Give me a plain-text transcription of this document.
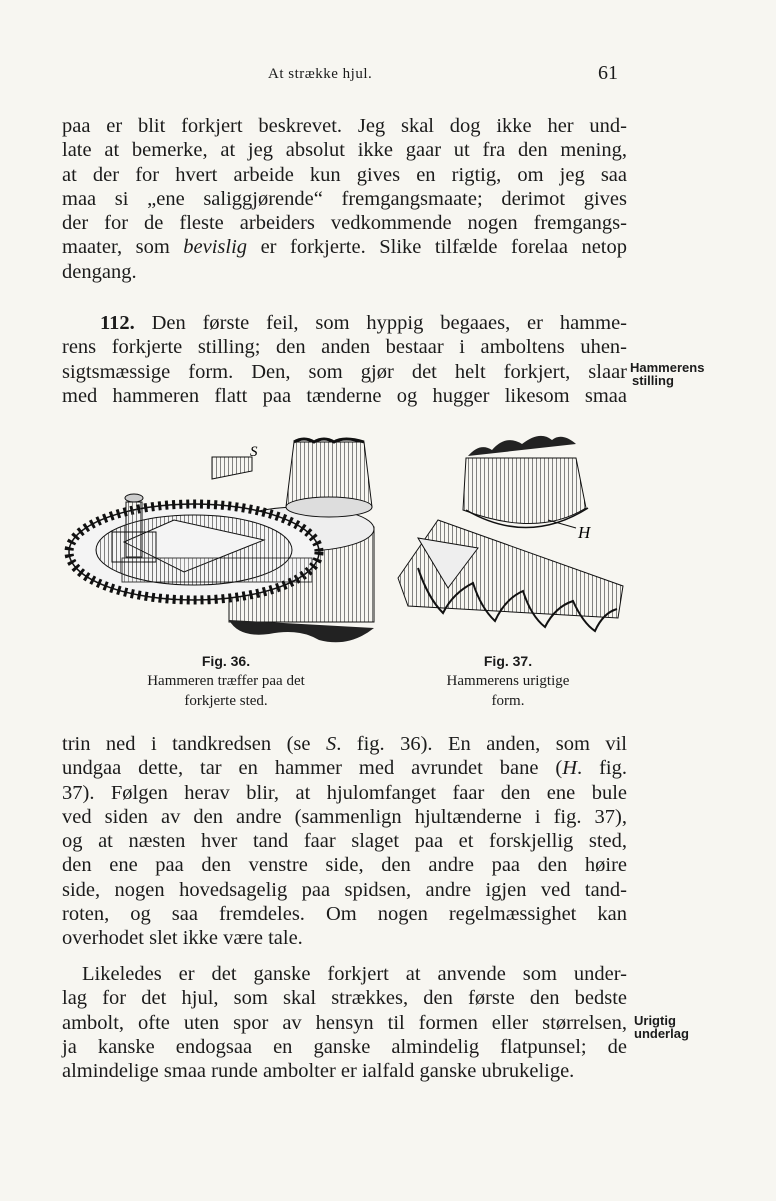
At strække hjul.	61
paa er blit forkjert beskrevet. Jeg skal dog ikke her und-
late at bemerke, at jeg absolut ikke gaar ut fra den mening,
at der for hvert arbeide kun gives en rigtig, om jeg saa
maa si „ene saliggjørende“ fremgangsmaate; derimot gives
der for de fleste arbeiders vedkommende nogen fremgangs-
maater, som bevislig er forkjerte. Slike tilfælde forelaa netop
dengang.
112. Den første feil, som hyppig begaaes, er hamme-
rens forkjerte stilling; den anden bestaar i amboltens uhen-
sigtsmæssige form. Den, som gjør det helt forkjert, slaar
med hammeren flatt paa tænderne og hugger likesom smaa
Hammerens
stilling
S
Fig. 36.
Hammeren træffer paa det
forkjerte sted.
H
Fig. 37.
Hammerens urigtige
form.
trin ned i tandkredsen (se S. fig. 36). En anden, som vil
undgaa dette, tar en hammer med avrundet bane (H. fig.
37). Følgen herav blir, at hjulomfanget faar den ene bule
ved siden av den andre (sammenlign hjultænderne i fig. 37),
og at næsten hver tand faar slaget paa et forskjellig sted,
den ene paa den venstre side, den andre paa den høire
side, nogen hovedsagelig paa spidsen, andre igjen ved tand-
roten, og saa fremdeles. Om nogen regelmæssighet kan
overhodet slet ikke være tale.
Likeledes er det ganske forkjert at anvende som under-
lag for det hjul, som skal strækkes, den første den bedste
ambolt, ofte uten spor av hensyn til formen eller størrelsen,
ja kanske endogsaa en ganske almindelig flatpunsel; de
almindelige smaa runde ambolter er ialfald ganske ubrukelige.
Urigtig
underlag
